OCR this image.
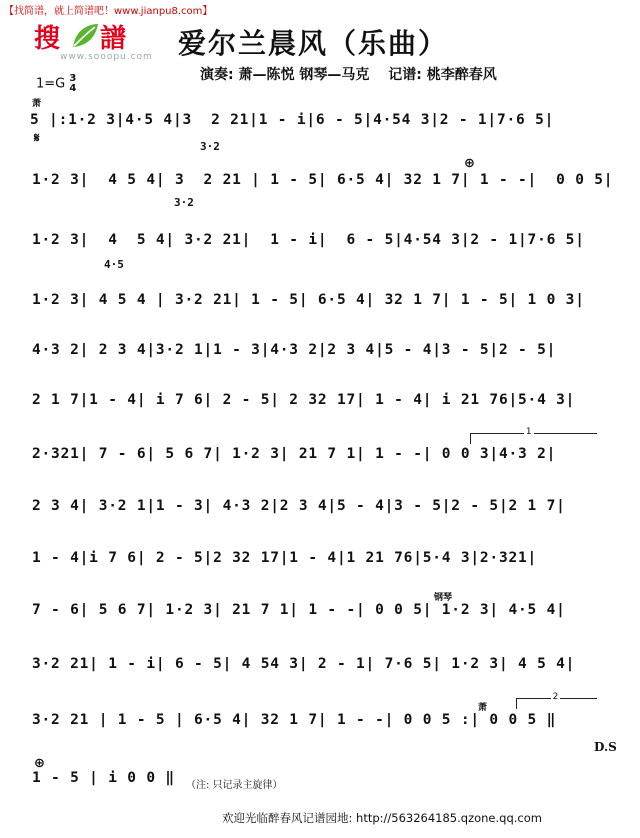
【找简谱，就上简谱吧！www.jianpu8.com】
搜 譜
www.sooopu.com 爱尔兰晨风（乐曲）
演奏: 萧—陈悦 钢琴—马克 记谱: 桃李醉春风
1=G 3
4
5 |:1·2 3|4·5 4|3  2 21|1 - i|6 - 5|4·54 3|2 - 1|7·6 5|
3·2
1·2 3|  4 5 4| 3  2 21 | 1 - 5| 6·5 4| 32 1 7| 1 - -|  0 0 5|
3·2
1·2 3|  4  5 4| 3·2 21|  1 - i|  6 - 5|4·54 3|2 - 1|7·6 5|
4·5
1·2 3| 4 5 4 | 3·2 21| 1 - 5| 6·5 4| 32 1 7| 1 - 5| 1 0 3|
4·3 2| 2 3 4|3·2 1|1 - 3|4·3 2|2 3 4|5 - 4|3 - 5|2 - 5|
2 1 7|1 - 4| i 7 6| 2 - 5| 2 32 17| 1 - 4| i 21 76|5·4 3|
2·321| 7 - 6| 5 6 7| 1·2 3| 21 7 1| 1 - -| 0 0 3|4·3 2|
2 3 4| 3·2 1|1 - 3| 4·3 2|2 3 4|5 - 4|3 - 5|2 - 5|2 1 7|
1 - 4|i 7 6| 2 - 5|2 32 17|1 - 4|1 21 76|5·4 3|2·321|
7 - 6| 5 6 7| 1·2 3| 21 7 1| 1 - -| 0 0 5| 1·2 3| 4·5 4|
3·2 21| 1 - i| 6 - 5| 4 54 3| 2 - 1| 7·6 5| 1·2 3| 4 5 4|
3·2 21 | 1 - 5 | 6·5 4| 32 1 7| 1 - -| 0 0 5 :| 0 0 5 ‖
1 - 5 | i 0 0 ‖
萧
𝄋
⊕
1
钢琴
萧
2
D.S
⊕
（注: 只记录主旋律）
欢迎光临醉春风记谱园地: http://563264185.qzone.qq.com
